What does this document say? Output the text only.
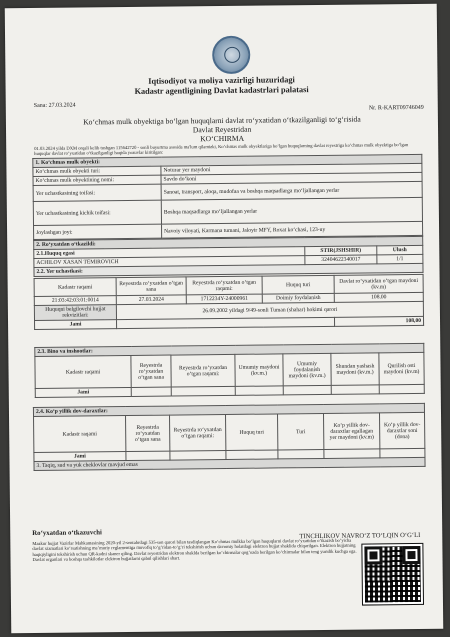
Iqtisodiyot va moliya vazirligi huzuridagi
Kadastr agentligining Davlat kadastrlari palatasi
Sana: 27.03.2024	Nr. R-KART09746049
Ko‘chmas mulk obyektiga bo‘lgan huquqlarni davlat ro‘yxatidan o‘tkazilganligi to‘g‘risida
Davlat Reyestridan
KO‘CHIRMA
01.03.2024 yilda DXM orqali kelib tushgan 115642720 - sonli buyurtma asosida ma'lum qilamizki, Ko‘chmas mulk obyektlariga bo‘lgan huquqlarning davlat reyestriga ko‘chmas mulk obyektiga bo‘lgan huquqlar davlat ro‘yxatidan o‘tkazilganligi haqida yozuvlar kiritilgan:
1. Ko‘chmas mulk obyekti:	
Ko‘chmas mulk obyekti turi:	Noturar yer maydoni
Ko‘chmas mulk obyektining nomi:	Savdo do‘koni
Yer uchastkasining toifasi:	Sanoat, transport, aloqa, mudofaa va boshqa maqsadlarga mo‘ljallangan yerlar
Yer uchastkasining kichik toifasi:	Boshqa maqsadlarga mo‘ljallangan yerlar
Joylashgan joyi:	Navoiy viloyati, Karmana tumani, Jaloyir MFY, Roxat ko‘chasi, 123-uy
2. Ro‘yxatdan o‘tkazildi:		
2.1.Huquq egasi	STIR(JSHSHIR)	Ulush
ACHILOV XASAN TEMIROVICH	32404622340017	1/1
2.2. Yer uchastkasi:		
Kadastr raqami	Reyestrda ro‘yxatdan o‘tgan sana	Reyestrda ro‘yxatdan o‘tgan raqami:	Huquq turi	Davlat ro‘yxatidan o‘tgan maydoni (kv.m)
21:03:42:03:01:0014	27.03.2024	1712234Y-24000961	Doimiy foydalanish	108.00
Huquqni belgilovchi hujjat rekvizitlari:	26.09.2002 yildagi 9/49-sonli Tuman (shahar) hokimi qarori			
Jami				108,00
2.3. Bino va inshootlar:						
Kadastr raqami	Reyestrda ro‘yxatdan o‘tgan sana	Reyestrda ro‘yxatdan o‘tgan raqami:	Umumiy maydoni (kv.m.)	Umumiy foydalanish maydoni (kv.m.)	Shundan yashash maydoni (kv.m.)	Qurilish osti maydoni (kv.m)
Jami						
2.4. Ko‘p yillik dov-daraxtlar:						
Kadastr raqami	Reyestrda ro‘yxatdan o‘tgan sana	Reyestrda ro‘yxatdan o‘tgan raqami:	Huquq turi	Turi	Ko‘p yillik dov-daraxtlar egallagan yer maydoni (kv.m)	Ko‘p yillik dov-daraxtlar soni (dona)
Jami						
3. Taqiq, sud va yuk cheklovlar mavjud emas						
Ro‘yxatdan o‘tkazuvchi	TINCHLIKOV NAVRO‘Z TO‘LQIN O‘G‘LI
Mazkur hujjat Vazirlar Mahkamasining 2020-yil 2-sentabrdagi 535-son qarori bilan tasdiqlangan Ko‘chmas mulkka bo‘lgan huquqlarni davlat ro‘yxatidan o‘tkazish bo‘yicha davlat xizmatlari ko‘rsatishning ma’muriy reglamentiga muvofiq to‘g‘ridan-to‘g‘ri tekshirish uchun davomiy holatdagi elektron hujjat shaklida chiqarilgan. Elektron hujjatning haqiqiyligini tekshirish uchun QR-kodni skaner qiling. Davlat reyestridan elektron shaklda berilgan ko‘chirmalar qog‘ozda berilgan ko‘chirmalar bilan teng yuridik kuchga ega. Davlat organlari va boshqa tashkilotlar elektron hujjatlarni qabul qilishlari shart.
